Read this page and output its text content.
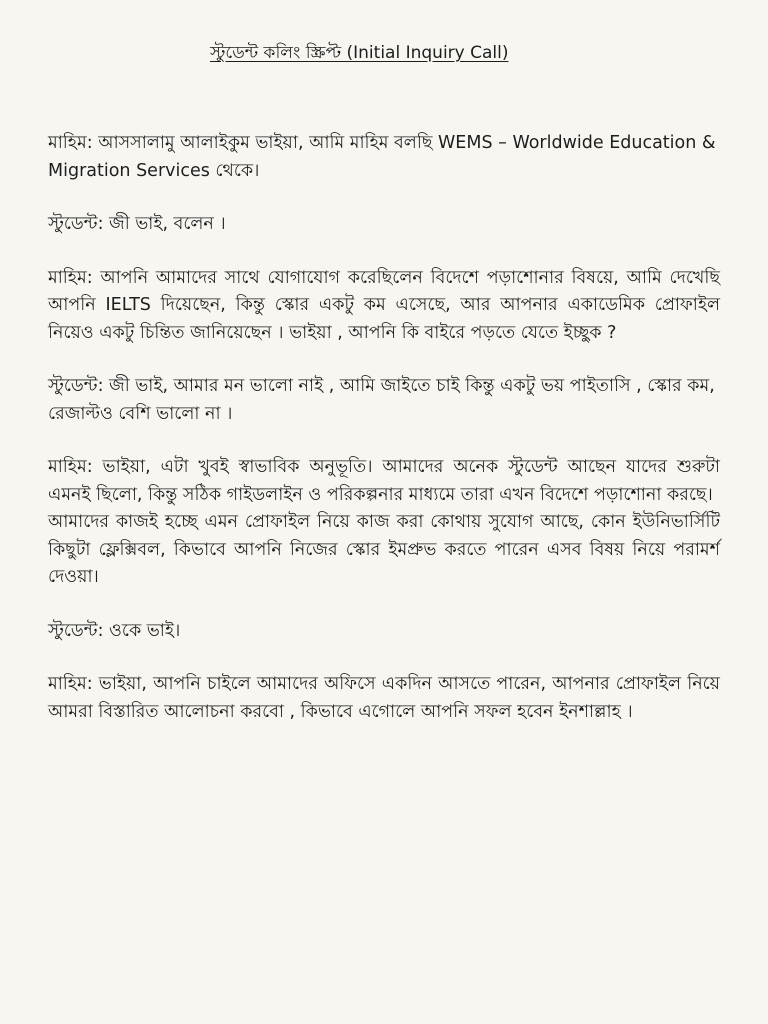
স্টুডেন্ট কলিং স্ক্রিপ্ট (Initial Inquiry Call)

মাহিম: আসসালামু আলাইকুম ভাইয়া, আমি মাহিম বলছি WEMS – Worldwide Education & Migration Services থেকে।

স্টুডেন্ট: জী ভাই, বলেন ।

মাহিম: আপনি আমাদের সাথে যোগাযোগ করেছিলেন বিদেশে পড়াশোনার বিষয়ে, আমি দেখেছি আপনি IELTS দিয়েছেন, কিন্তু স্কোর একটু কম এসেছে, আর আপনার একাডেমিক প্রোফাইল নিয়েও একটু চিন্তিত জানিয়েছেন । ভাইয়া , আপনি কি বাইরে পড়তে যেতে ইচ্ছুক ?

স্টুডেন্ট: জী ভাই, আমার মন ভালো নাই , আমি জাইতে চাই কিন্তু একটু ভয় পাইতাসি , স্কোর কম, রেজাল্টও বেশি ভালো না ।

মাহিম: ভাইয়া, এটা খুবই স্বাভাবিক অনুভূতি। আমাদের অনেক স্টুডেন্ট আছেন যাদের শুরুটা এমনই ছিলো, কিন্তু সঠিক গাইডলাইন ও পরিকল্পনার মাধ্যমে তারা এখন বিদেশে পড়াশোনা করছে।
আমাদের কাজই হচ্ছে এমন প্রোফাইল নিয়ে কাজ করা কোথায় সুযোগ আছে, কোন ইউনিভার্সিটি কিছুটা ফ্লেক্সিবল, কিভাবে আপনি নিজের স্কোর ইমপ্রুভ করতে পারেন এসব বিষয় নিয়ে পরামর্শ দেওয়া।

স্টুডেন্ট: ওকে ভাই।

মাহিম: ভাইয়া, আপনি চাইলে আমাদের অফিসে একদিন আসতে পারেন, আপনার প্রোফাইল নিয়ে আমরা বিস্তারিত আলোচনা করবো , কিভাবে এগোলে আপনি সফল হবেন ইনশাল্লাহ ।
